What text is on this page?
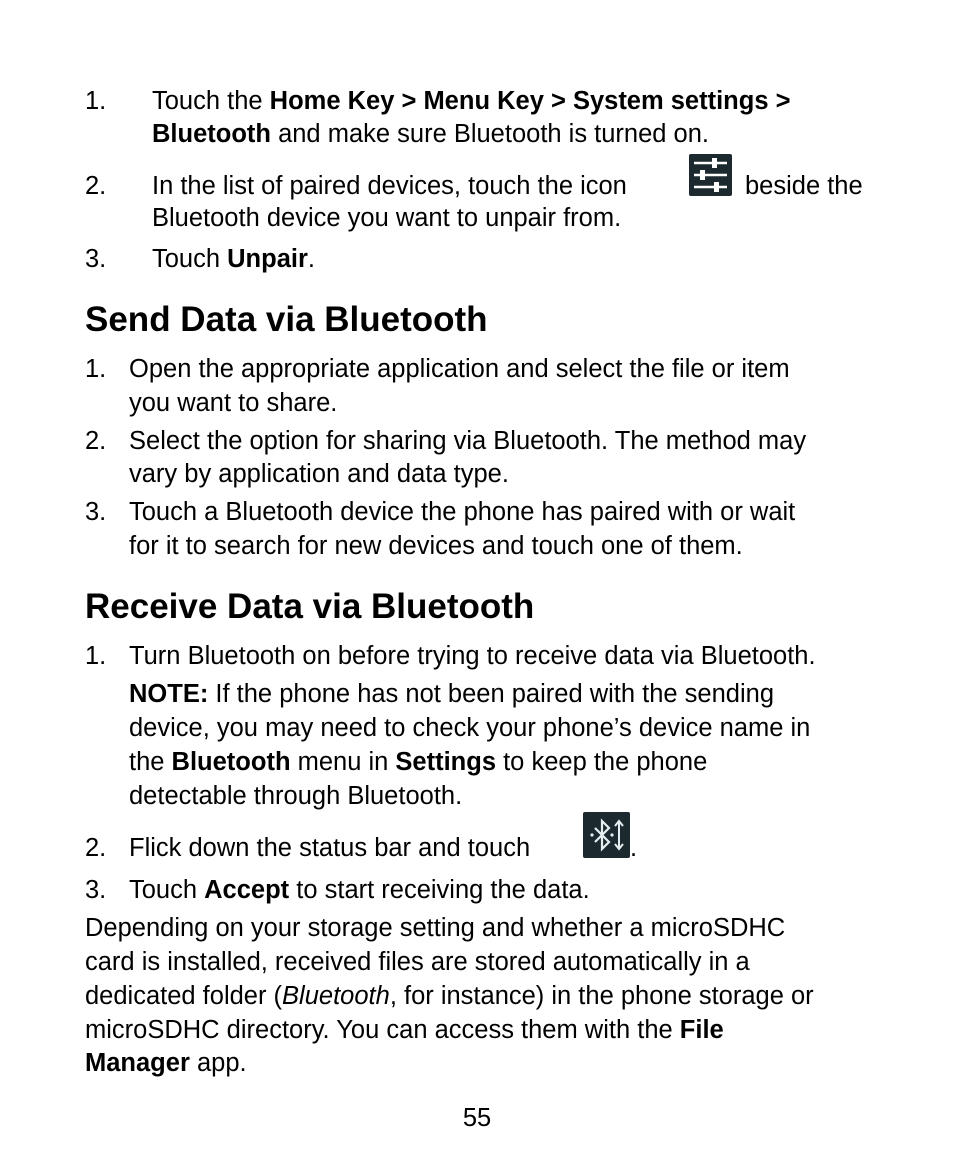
1. Touch the Home Key > Menu Key > System settings >
Bluetooth and make sure Bluetooth is turned on.
2. In the list of paired devices, touch the icon	beside the
Bluetooth device you want to unpair from.
3. Touch Unpair.
Send Data via Bluetooth
1. Open the appropriate application and select the file or item
you want to share.
2. Select the option for sharing via Bluetooth. The method may
vary by application and data type.
3. Touch a Bluetooth device the phone has paired with or wait
for it to search for new devices and touch one of them.
Receive Data via Bluetooth
1. Turn Bluetooth on before trying to receive data via Bluetooth.
NOTE: If the phone has not been paired with the sending
device, you may need to check your phone’s device name in
the Bluetooth menu in Settings to keep the phone
detectable through Bluetooth.
2. Flick down the status bar and touch	.
3. Touch Accept to start receiving the data.
Depending on your storage setting and whether a microSDHC
card is installed, received files are stored automatically in a
dedicated folder (Bluetooth, for instance) in the phone storage or
microSDHC directory. You can access them with the File
Manager app.
55
